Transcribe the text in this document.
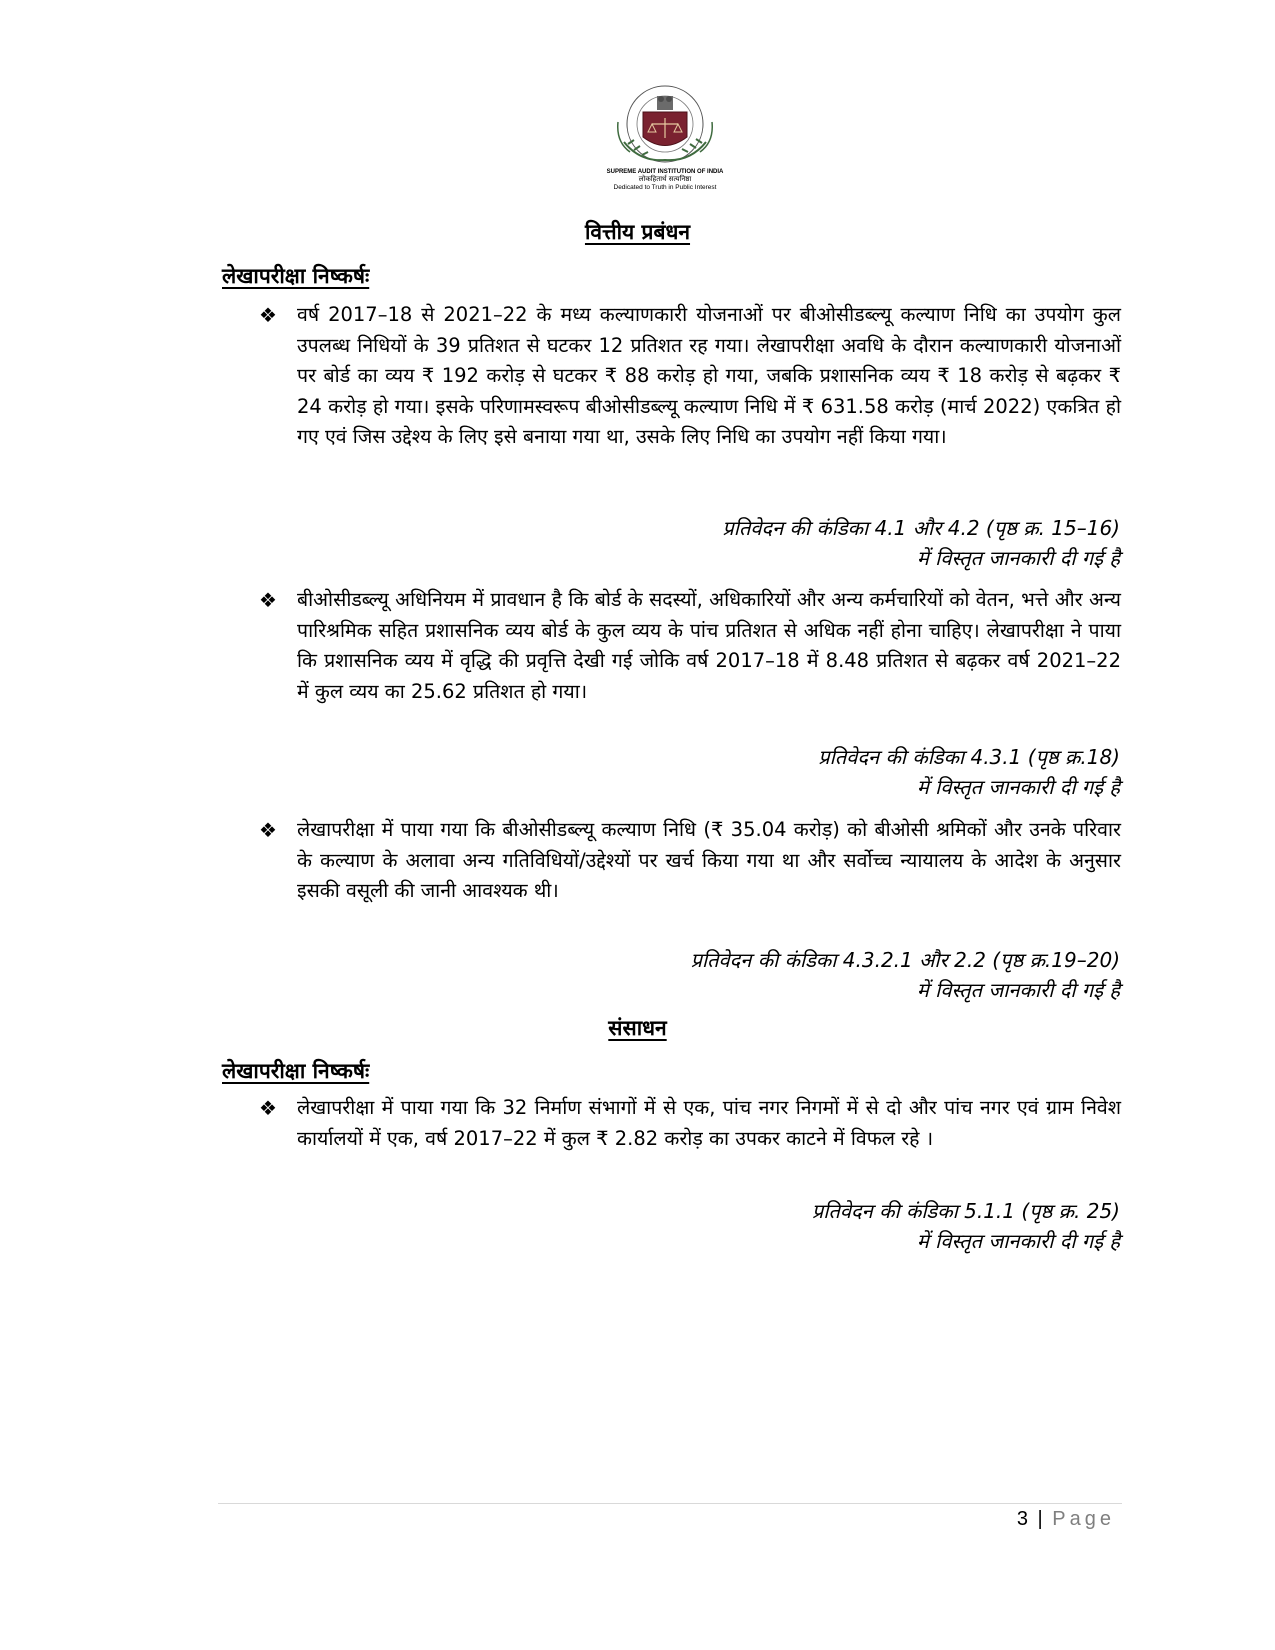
SUPREME AUDIT INSTITUTION OF INDIA
लोकहितार्थ सत्यनिष्ठा
Dedicated to Truth in Public Interest
वित्तीय प्रबंधन
लेखापरीक्षा निष्कर्षः
❖ वर्ष 2017–18 से 2021–22 के मध्य कल्याणकारी योजनाओं पर बीओसीडब्ल्यू कल्याण निधि का उपयोग कुल उपलब्ध निधियों के 39 प्रतिशत से घटकर 12 प्रतिशत रह गया। लेखापरीक्षा अवधि के दौरान कल्याणकारी योजनाओं पर बोर्ड का व्यय ₹ 192 करोड़ से घटकर ₹ 88 करोड़ हो गया, जबकि प्रशासनिक व्यय ₹ 18 करोड़ से बढ़कर ₹ 24 करोड़ हो गया। इसके परिणामस्वरूप बीओसीडब्ल्यू कल्याण निधि में ₹ 631.58 करोड़ (मार्च 2022) एकत्रित हो गए एवं जिस उद्देश्य के लिए इसे बनाया गया था, उसके लिए निधि का उपयोग नहीं किया गया।
प्रतिवेदन की कंडिका 4.1 और 4.2 (पृष्ठ क्र. 15–16)
में विस्तृत जानकारी दी गई है
❖ बीओसीडब्ल्यू अधिनियम में प्रावधान है कि बोर्ड के सदस्यों, अधिकारियों और अन्य कर्मचारियों को वेतन, भत्ते और अन्य पारिश्रमिक सहित प्रशासनिक व्यय बोर्ड के कुल व्यय के पांच प्रतिशत से अधिक नहीं होना चाहिए। लेखापरीक्षा ने पाया कि प्रशासनिक व्यय में वृद्धि की प्रवृत्ति देखी गई जोकि वर्ष 2017–18 में 8.48 प्रतिशत से बढ़कर वर्ष 2021–22 में कुल व्यय का 25.62 प्रतिशत हो गया।
प्रतिवेदन की कंडिका 4.3.1 (पृष्ठ क्र.18)
में विस्तृत जानकारी दी गई है
❖ लेखापरीक्षा में पाया गया कि बीओसीडब्ल्यू कल्याण निधि (₹ 35.04 करोड़) को बीओसी श्रमिकों और उनके परिवार के कल्याण के अलावा अन्य गतिविधियों/उद्देश्यों पर खर्च किया गया था और सर्वोच्च न्यायालय के आदेश के अनुसार इसकी वसूली की जानी आवश्यक थी।
प्रतिवेदन की कंडिका 4.3.2.1 और 2.2 (पृष्ठ क्र.19–20)
में विस्तृत जानकारी दी गई है
संसाधन
लेखापरीक्षा निष्कर्षः
❖ लेखापरीक्षा में पाया गया कि 32 निर्माण संभागों में से एक, पांच नगर निगमों में से दो और पांच नगर एवं ग्राम निवेश कार्यालयों में एक, वर्ष 2017–22 में कुल ₹ 2.82 करोड़ का उपकर काटने में विफल रहे ।
प्रतिवेदन की कंडिका 5.1.1 (पृष्ठ क्र. 25)
में विस्तृत जानकारी दी गई है
3 | Page
